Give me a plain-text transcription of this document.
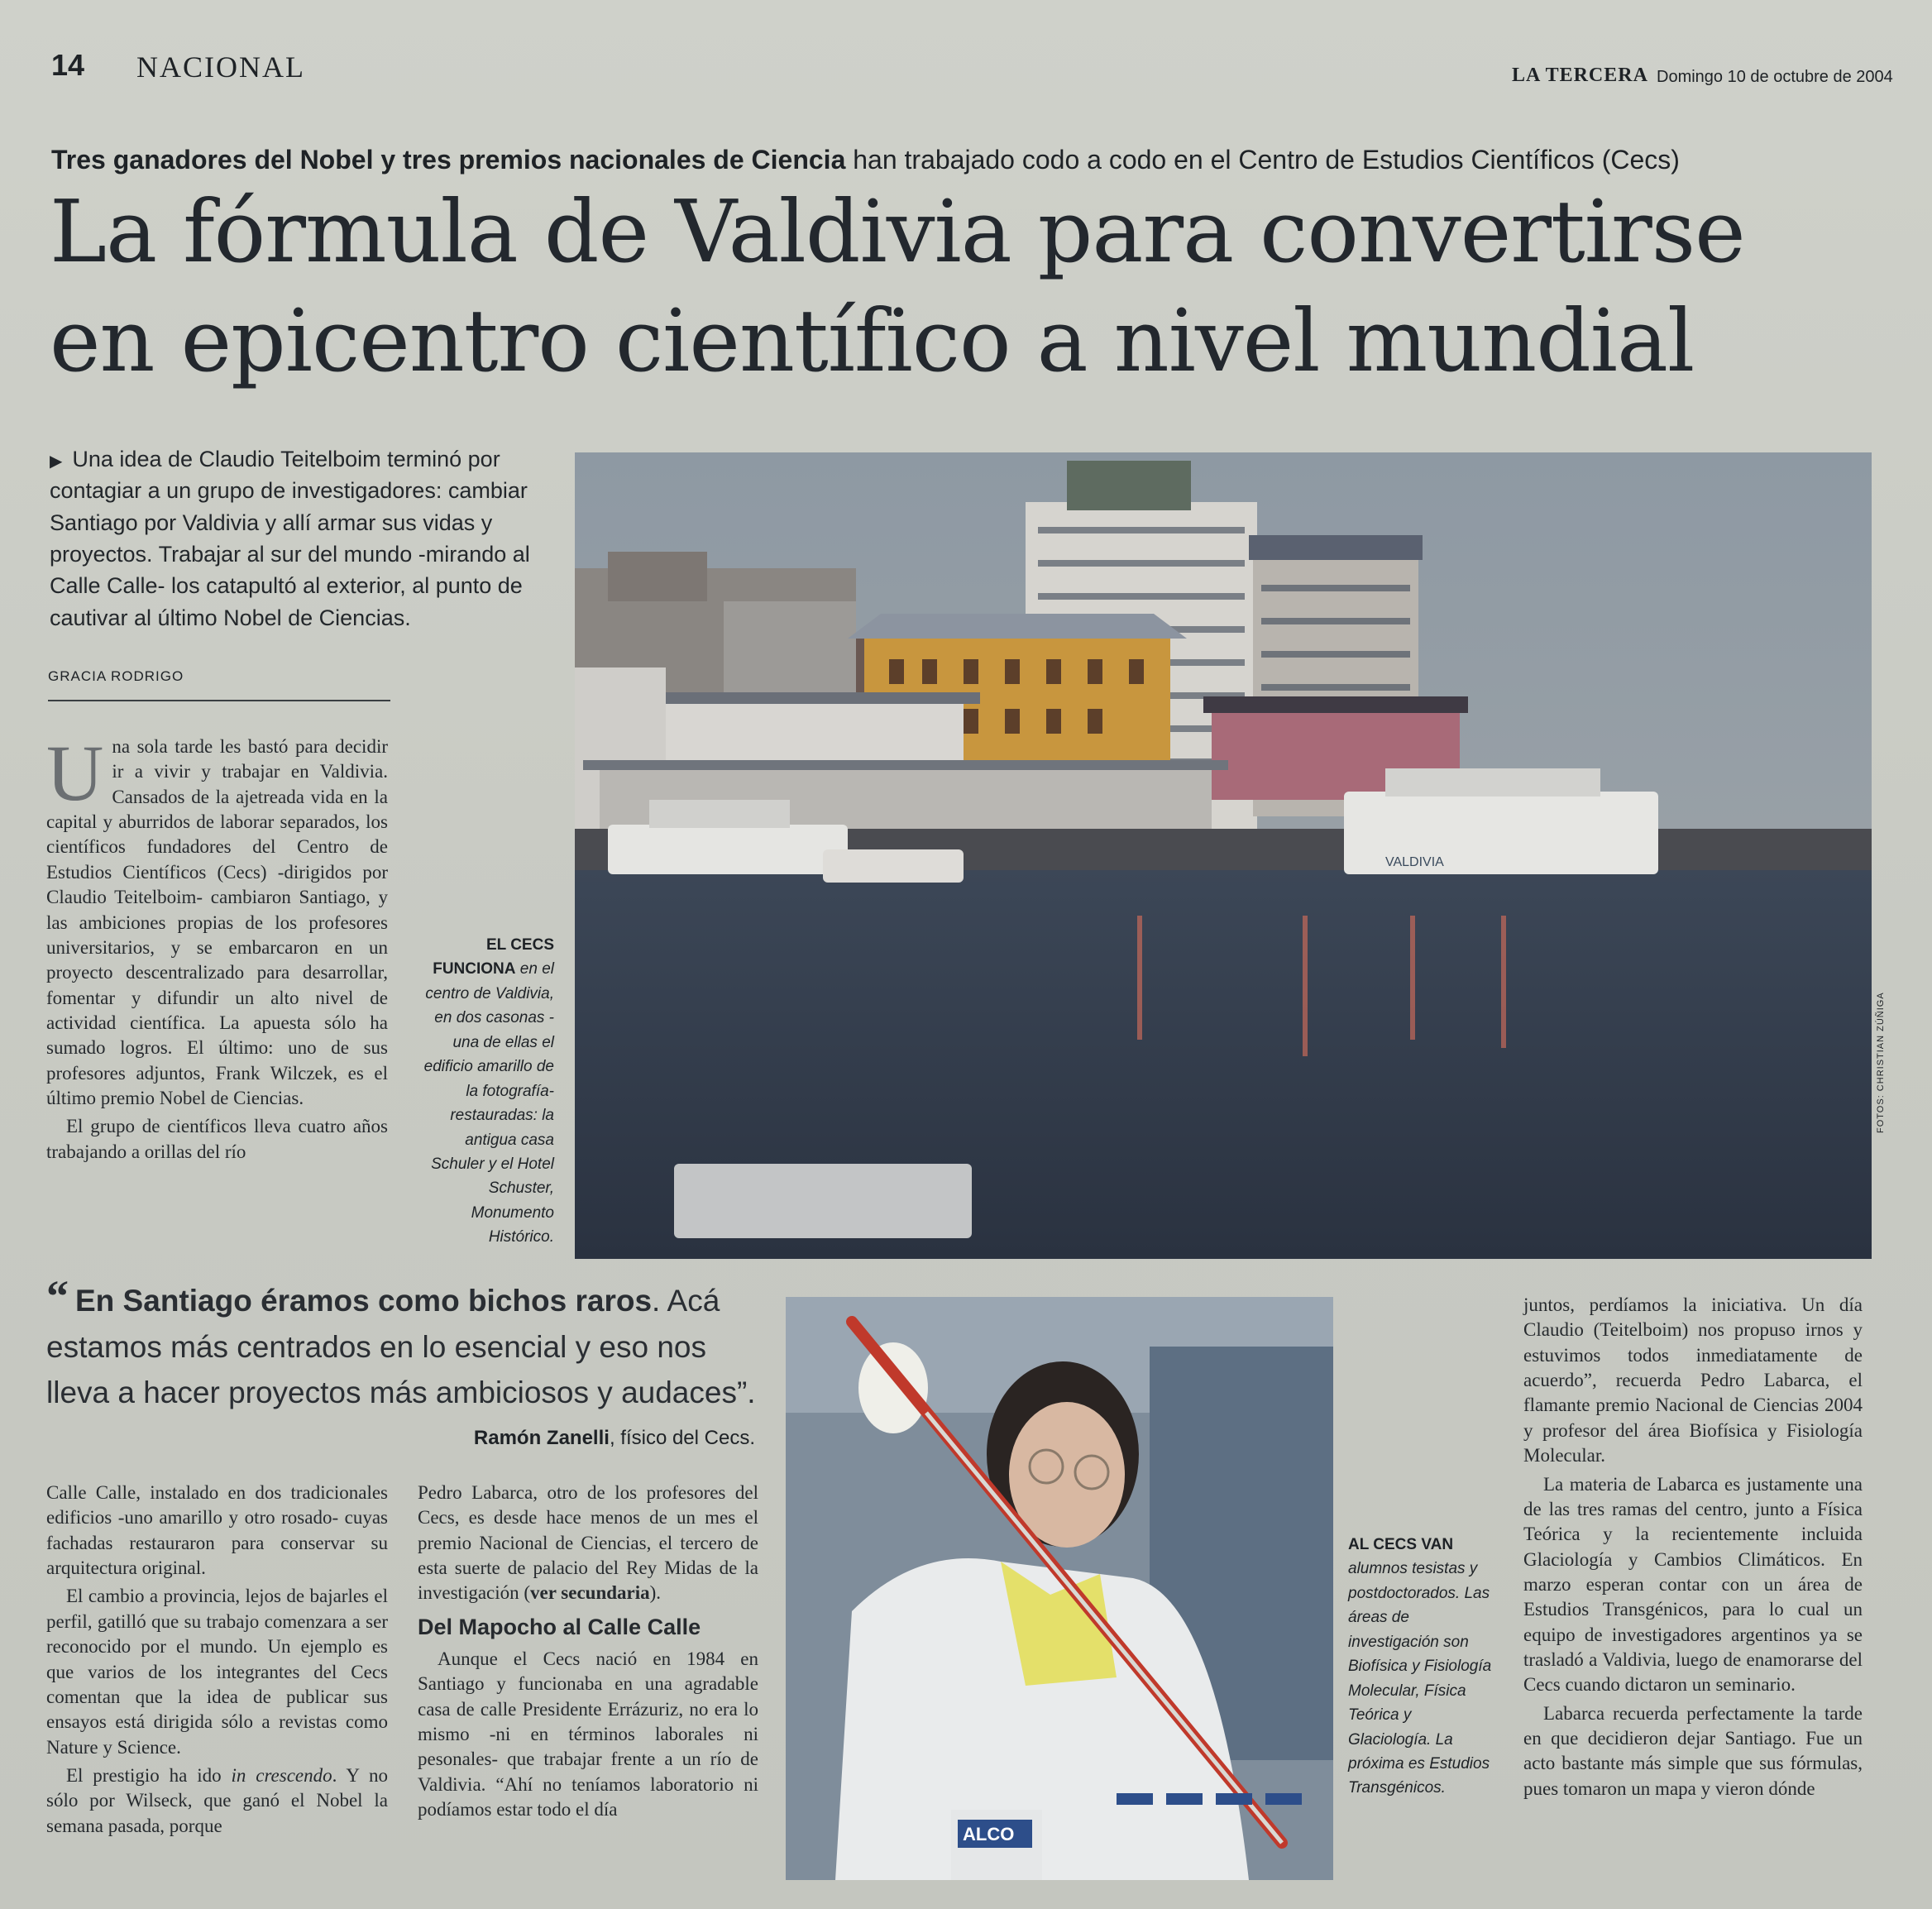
14 NACIONAL	LA TERCERA Domingo 10 de octubre de 2004
Tres ganadores del Nobel y tres premios nacionales de Ciencia han trabajado codo a codo en el Centro de Estudios Científicos (Cecs)
La fórmula de Valdivia para convertirse
en epicentro científico a nivel mundial
▶ Una idea de Claudio Teitelboim terminó por contagiar a un grupo de investigadores: cambiar Santiago por Valdivia y allí armar sus vidas y proyectos. Trabajar al sur del mundo -mirando al Calle Calle- los catapultó al exterior, al punto de cautivar al último Nobel de Ciencias.
GRACIA RODRIGO

Una sola tarde les bastó para decidir ir a vivir y trabajar en Valdivia. Cansados de la ajetreada vida en la capital y aburridos de laborar separados, los científicos fundadores del Centro de Estudios Científicos (Cecs) -dirigidos por Claudio Teitelboim- cambiaron Santiago, y las ambiciones propias de los profesores universitarios, y se embarcaron en un proyecto descentralizado para desarrollar, fomentar y difundir un alto nivel de actividad científica. La apuesta sólo ha sumado logros. El último: uno de sus profesores adjuntos, Frank Wilczek, es el último premio Nobel de Ciencias.

El grupo de científicos lleva cuatro años trabajando a orillas del río

VALDIVIA
FOTOS: CHRISTIAN ZÚÑIGA
EL CECS FUNCIONA en el centro de Valdivia, en dos casonas -una de ellas el edificio amarillo de la fotografía- restauradas: la antigua casa Schuler y el Hotel Schuster, Monumento Histórico.
“ En Santiago éramos como bichos raros. Acá estamos más centrados en lo esencial y eso nos lleva a hacer proyectos más ambiciosos y audaces”.
Ramón Zanelli, físico del Cecs.

Calle Calle, instalado en dos tradicionales edificios -uno amarillo y otro rosado- cuyas fachadas restauraron para conservar su arquitectura original.

El cambio a provincia, lejos de bajarles el perfil, gatilló que su trabajo comenzara a ser reconocido por el mundo. Un ejemplo es que varios de los integrantes del Cecs comentan que la idea de publicar sus ensayos está dirigida sólo a revistas como Nature y Science.

El prestigio ha ido in crescendo. Y no sólo por Wilseck, que ganó el Nobel la semana pasada, porque

Pedro Labarca, otro de los profesores del Cecs, es desde hace menos de un mes el premio Nacional de Ciencias, el tercero de esta suerte de palacio del Rey Midas de la investigación (ver secundaria).

Del Mapocho al Calle Calle

Aunque el Cecs nació en 1984 en Santiago y funcionaba en una agradable casa de calle Presidente Errázuriz, no era lo mismo -ni en términos laborales ni pesonales- que trabajar frente a un río de Valdivia. “Ahí no teníamos laboratorio ni podíamos estar todo el día

ALCO
AL CECS VAN alumnos tesistas y postdoctorados. Las áreas de investigación son Biofísica y Fisiología Molecular, Física Teórica y Glaciología. La próxima es Estudios Transgénicos.

juntos, perdíamos la iniciativa. Un día Claudio (Teitelboim) nos propuso irnos y estuvimos todos inmediatamente de acuerdo”, recuerda Pedro Labarca, el flamante premio Nacional de Ciencias 2004 y profesor del área Biofísica y Fisiología Molecular.

La materia de Labarca es justamente una de las tres ramas del centro, junto a Física Teórica y la recientemente incluida Glaciología y Cambios Climáticos. En marzo esperan contar con un área de Estudios Transgénicos, para lo cual un equipo de investigadores argentinos ya se trasladó a Valdivia, luego de enamorarse del Cecs cuando dictaron un seminario.

Labarca recuerda perfectamente la tarde en que decidieron dejar Santiago. Fue un acto bastante más simple que sus fórmulas, pues tomaron un mapa y vieron dónde
